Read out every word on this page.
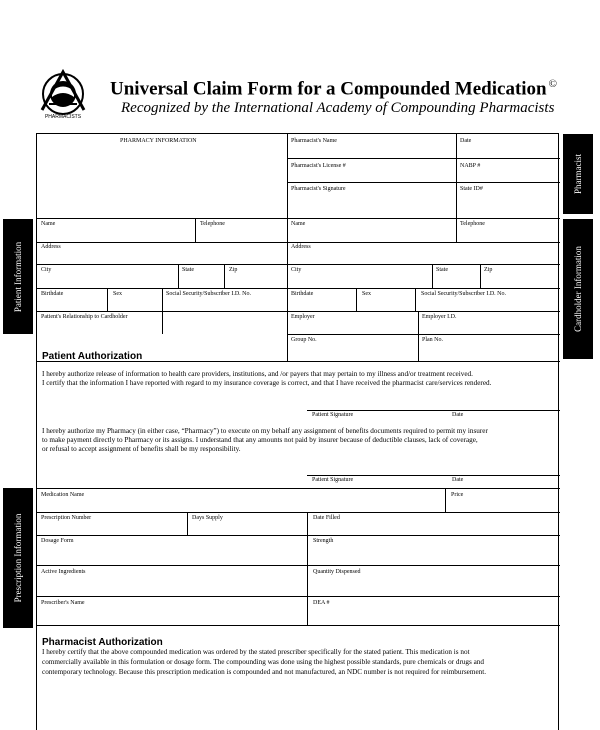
PHARMACISTS
Universal Claim Form for a Compounded Medication ©
Recognized by the International Academy of Compounding Pharmacists
Pharmacist
Patient Information	Cardholder Information
Prescription Information
PHARMACY INFORMATION	Pharmacist's Name	Date
Pharmacist's License #	NABP #
Pharmacist's Signature	State ID#
Name	Telephone	Name	Telephone
Address	Address
City	State	Zip	City	State	Zip
Birthdate	Sex	Social Security/Subscriber I.D. No.	Birthdate	Sex	Social Security/Subscriber I.D. No.
Patient's Relationship to Cardholder	Employer	Employer I.D.
Group No.	Plan No.
Patient Authorization
I hereby authorize release of information to health care providers, institutions, and /or payers that may pertain to my illness and/or treatment received.
I certify that the information I have reported with regard to my insurance coverage is correct, and that I have received the pharmacist care/services rendered.
Patient Signature	Date
I hereby authorize my Pharmacy (in either case, “Pharmacy”) to execute on my behalf any assignment of benefits documents required to permit my insurer
to make payment directly to Pharmacy or its assigns. I understand that any amounts not paid by insurer because of deductible clauses, lack of coverage,
or refusal to accept assignment of benefits shall be my responsibility.
Patient Signature	Date
Medication Name	Price
Prescription Number	Days Supply	Date Filled
Dosage Form	Strength
Active Ingredients	Quantity Dispensed
Prescriber's Name	DEA #
Pharmacist Authorization
I hereby certify that the above compounded medication was ordered by the stated prescriber specifically for the stated patient. This medication is not
commercially available in this formulation or dosage form. The compounding was done using the highest possible standards, pure chemicals or drugs and
contemporary technology. Because this prescription medication is compounded and not manufactured, an NDC number is not required for reimbursement.
